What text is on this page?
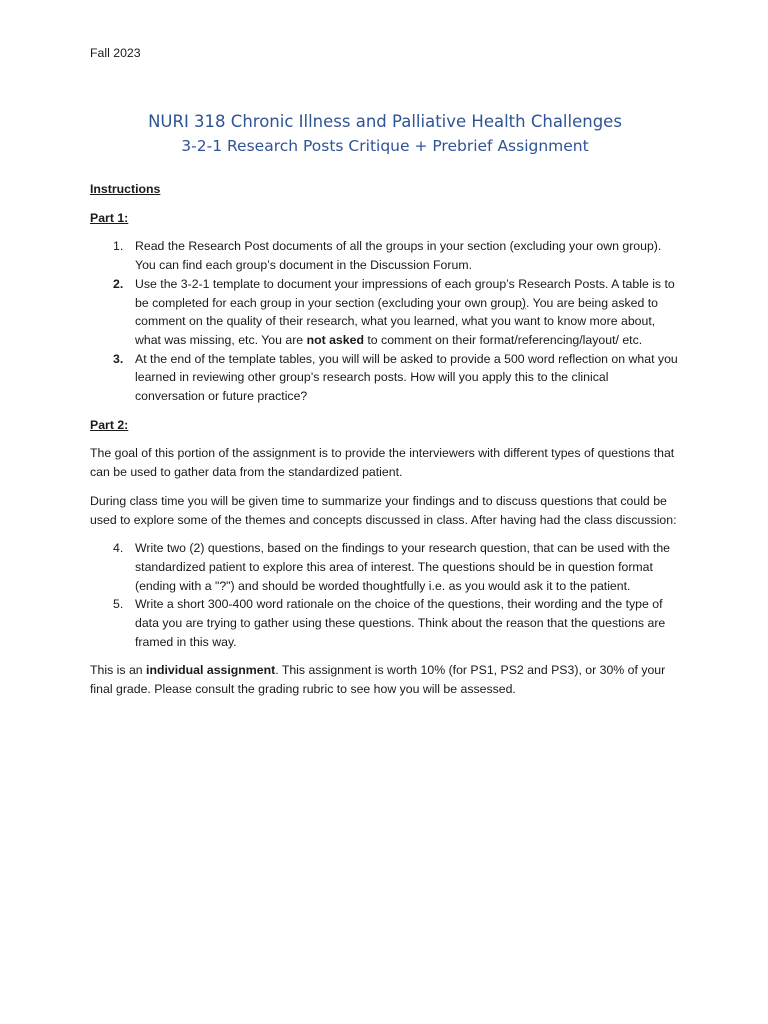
Fall 2023

NURI 318 Chronic Illness and Palliative Health Challenges

3-2-1 Research Posts Critique + Prebrief Assignment

Instructions

Part 1:

1. Read the Research Post documents of all the groups in your section (excluding your own group). You can find each group’s document in the Discussion Forum.
2. Use the 3-2-1 template to document your impressions of each group’s Research Posts. A table is to be completed for each group in your section (excluding your own group). You are being asked to comment on the quality of their research, what you learned, what you want to know more about, what was missing, etc. You are not asked to comment on their format/referencing/layout/ etc.
3. At the end of the template tables, you will will be asked to provide a 500 word reflection on what you learned in reviewing other group’s research posts. How will you apply this to the clinical conversation or future practice?

Part 2:

The goal of this portion of the assignment is to provide the interviewers with different types of questions that can be used to gather data from the standardized patient.

During class time you will be given time to summarize your findings and to discuss questions that could be used to explore some of the themes and concepts discussed in class. After having had the class discussion:

4. Write two (2) questions, based on the findings to your research question, that can be used with the standardized patient to explore this area of interest. The questions should be in question format (ending with a "?") and should be worded thoughtfully i.e. as you would ask it to the patient.
5. Write a short 300-400 word rationale on the choice of the questions, their wording and the type of data you are trying to gather using these questions. Think about the reason that the questions are framed in this way.

This is an individual assignment. This assignment is worth 10% (for PS1, PS2 and PS3), or 30% of your final grade. Please consult the grading rubric to see how you will be assessed.
